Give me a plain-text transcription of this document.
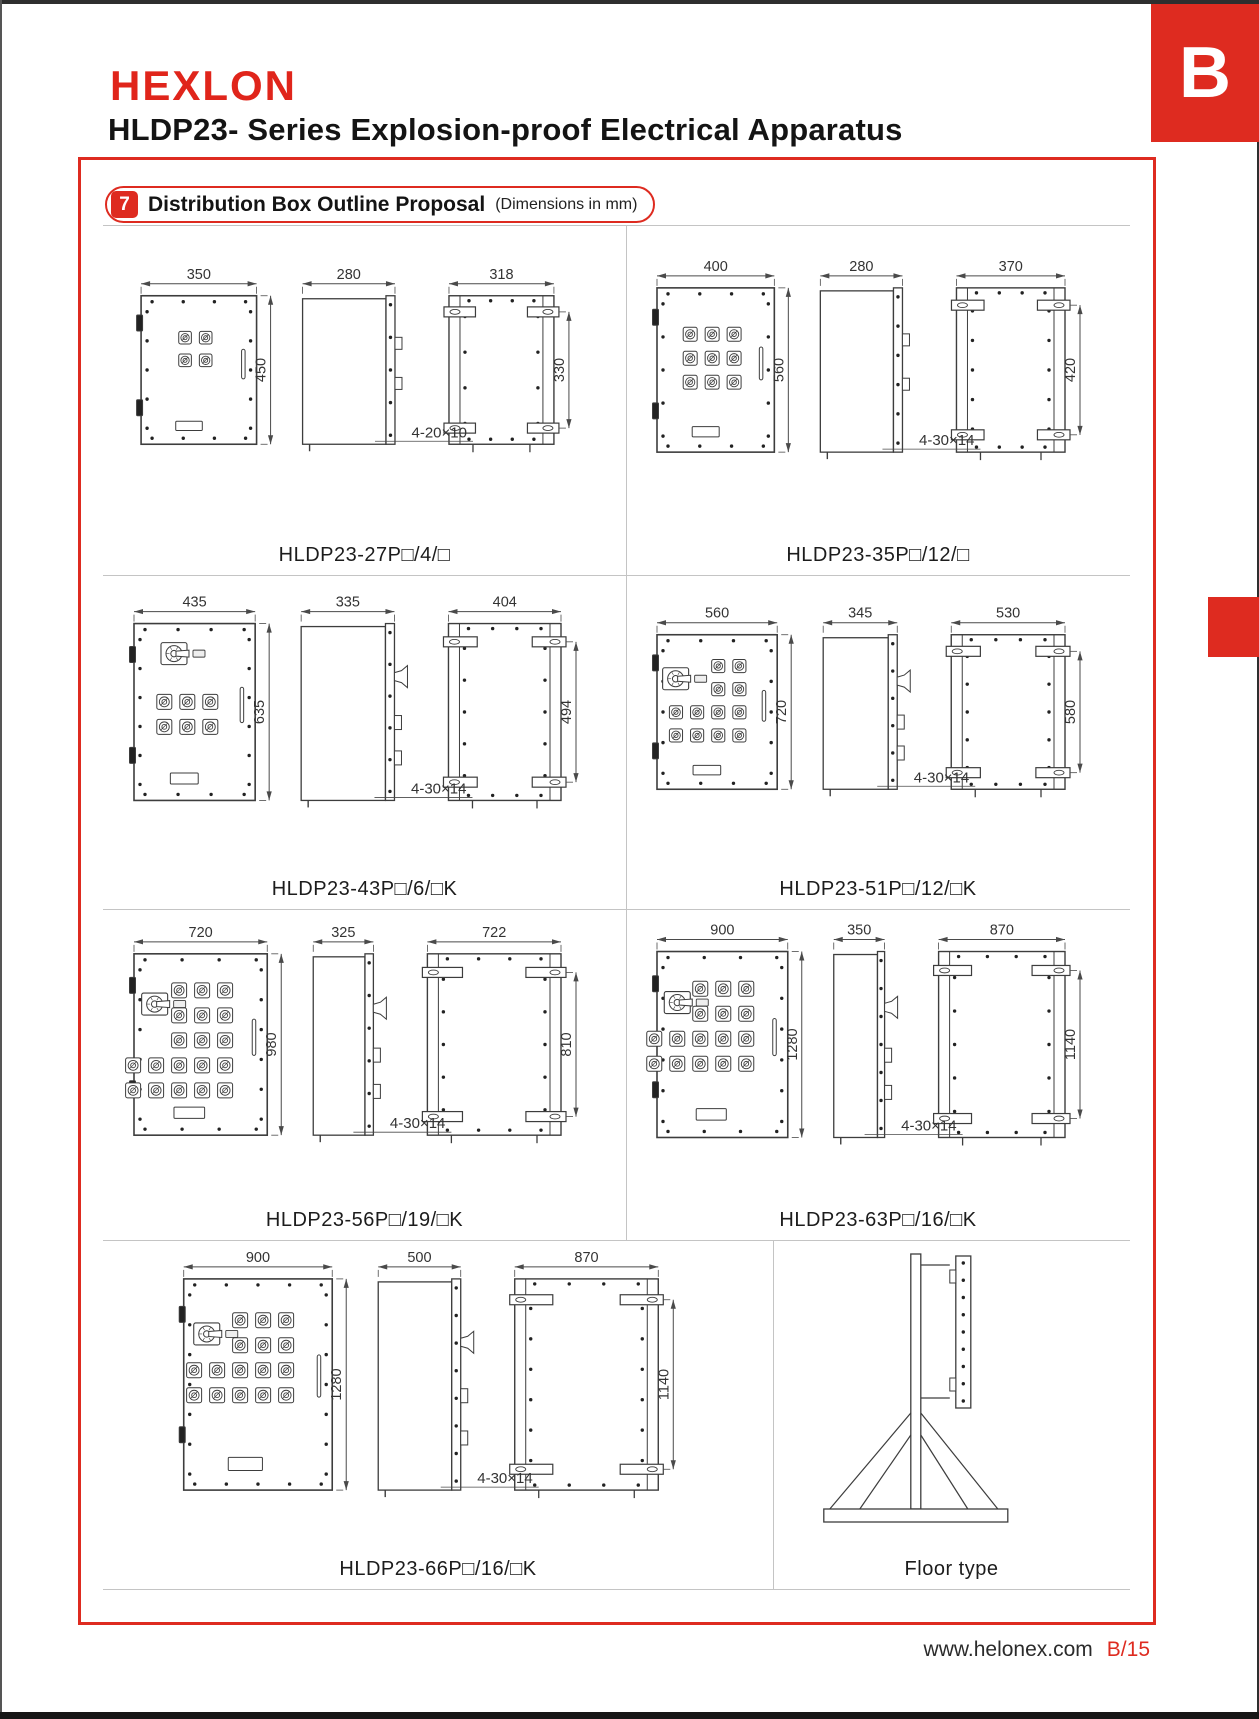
B
HEXLON
HLDP23- Series Explosion-proof Electrical Apparatus
7 Distribution Box Outline Proposal (Dimensions in mm)
350
450
280	318
330
4-20×10
HLDP23-27P□/4/□
400
560
280	370
420
4-30×14
HLDP23-35P□/12/□
435
635
335	404
494
4-30×14
HLDP23-43P□/6/□K
560
720
345	530
580
4-30×14
HLDP23-51P□/12/□K
720
980
325	722
810
4-30×14
HLDP23-56P□/19/□K
900
1280
350	870
1140
4-30×14
HLDP23-63P□/16/□K
900
1280
500	870
1140
4-30×14
HLDP23-66P□/16/□K	Floor type
www.helonex.com B/15
